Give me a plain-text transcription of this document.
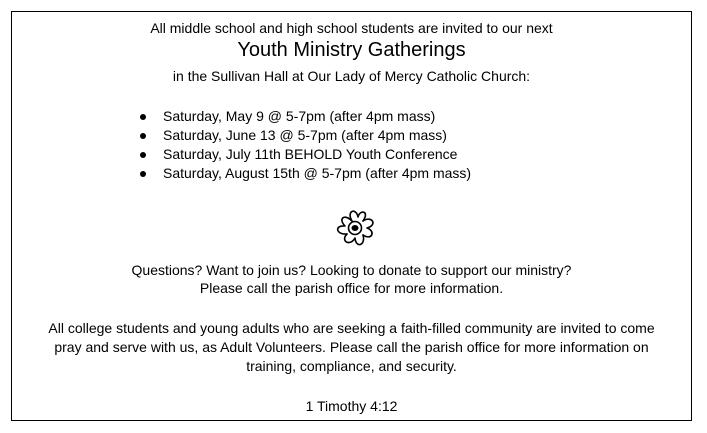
All middle school and high school students are invited to our next
Youth Ministry Gatherings
in the Sullivan Hall at Our Lady of Mercy Catholic Church:
Saturday, May 9 @ 5-7pm (after 4pm mass)
Saturday, June 13 @ 5-7pm (after 4pm mass)
Saturday, July 11th BEHOLD Youth Conference
Saturday, August 15th @ 5-7pm (after 4pm mass)
Questions? Want to join us? Looking to donate to support our ministry?
Please call the parish office for more information.
All college students and young adults who are seeking a faith-filled community are invited to come
pray and serve with us, as Adult Volunteers. Please call the parish office for more information on
training, compliance, and security.
1 Timothy 4:12
